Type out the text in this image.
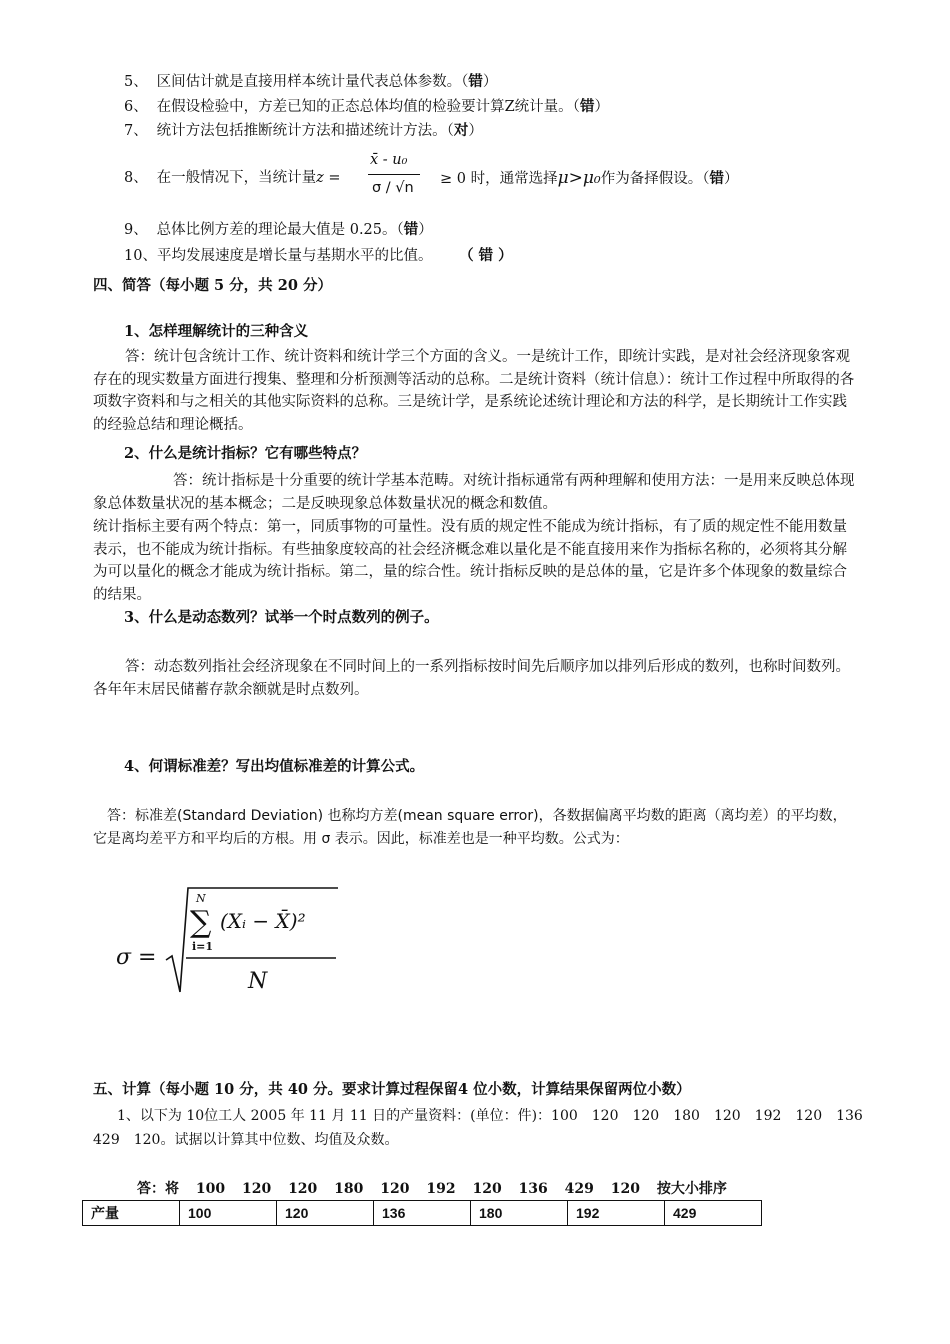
5、 区间估计就是直接用样本统计量代表总体参数。（错）
6、 在假设检验中，方差已知的正态总体均值的检验要计算Z统计量。（错）
7、 统计方法包括推断统计方法和描述统计方法。（对）
8、 在一般情况下，当统计量z =
x̄ - u₀
σ / √n
≥ 0 时，通常选择μ>μ₀作为备择假设。（错）
9、 总体比例方差的理论最大值是 0.25。（错）
10、平均发展速度是增长量与基期水平的比值。 （ 错 ）
四、简答（每小题 5 分，共 20 分）
1、怎样理解统计的三种含义
答：统计包含统计工作、统计资料和统计学三个方面的含义。一是统计工作，即统计实践，是对社会经济现象客观存在的现实数量方面进行搜集、整理和分析预测等活动的总称。二是统计资料（统计信息）：统计工作过程中所取得的各项数字资料和与之相关的其他实际资料的总称。三是统计学，是系统论述统计理论和方法的科学，是长期统计工作实践的经验总结和理论概括。
2、什么是统计指标？它有哪些特点？
答：统计指标是十分重要的统计学基本范畴。对统计指标通常有两种理解和使用方法：一是用来反映总体现象总体数量状况的基本概念；二是反映现象总体数量状况的概念和数值。
统计指标主要有两个特点：第一，同质事物的可量性。没有质的规定性不能成为统计指标，有了质的规定性不能用数量表示，也不能成为统计指标。有些抽象度较高的社会经济概念难以量化是不能直接用来作为指标名称的，必须将其分解为可以量化的概念才能成为统计指标。第二，量的综合性。统计指标反映的是总体的量，它是许多个体现象的数量综合的结果。
3、什么是动态数列？试举一个时点数列的例子。
答：动态数列指社会经济现象在不同时间上的一系列指标按时间先后顺序加以排列后形成的数列，也称时间数列。各年年末居民储蓄存款余额就是时点数列。
4、何谓标准差？写出均值标准差的计算公式。
答：标准差(Standard Deviation) 也称均方差(mean square error)，各数据偏离平均数的距离（离均差）的平均数，它是离均差平方和平均后的方根。用 σ 表示。因此，标准差也是一种平均数。公式为：
σ =
N
∑
i=1
(Xᵢ − X̄)²
N
五、计算（每小题 10 分，共 40 分。要求计算过程保留4 位小数，计算结果保留两位小数）
1、以下为 10位工人 2005 年 11 月 11 日的产量资料：(单位：件)：100　120　120　180　120　192　120　136　429　120。试据以计算其中位数、均值及众数。
答：将 100 120 120 180 120 192 120 136 429 120 按大小排序
产量	100	120	136	180	192	429
